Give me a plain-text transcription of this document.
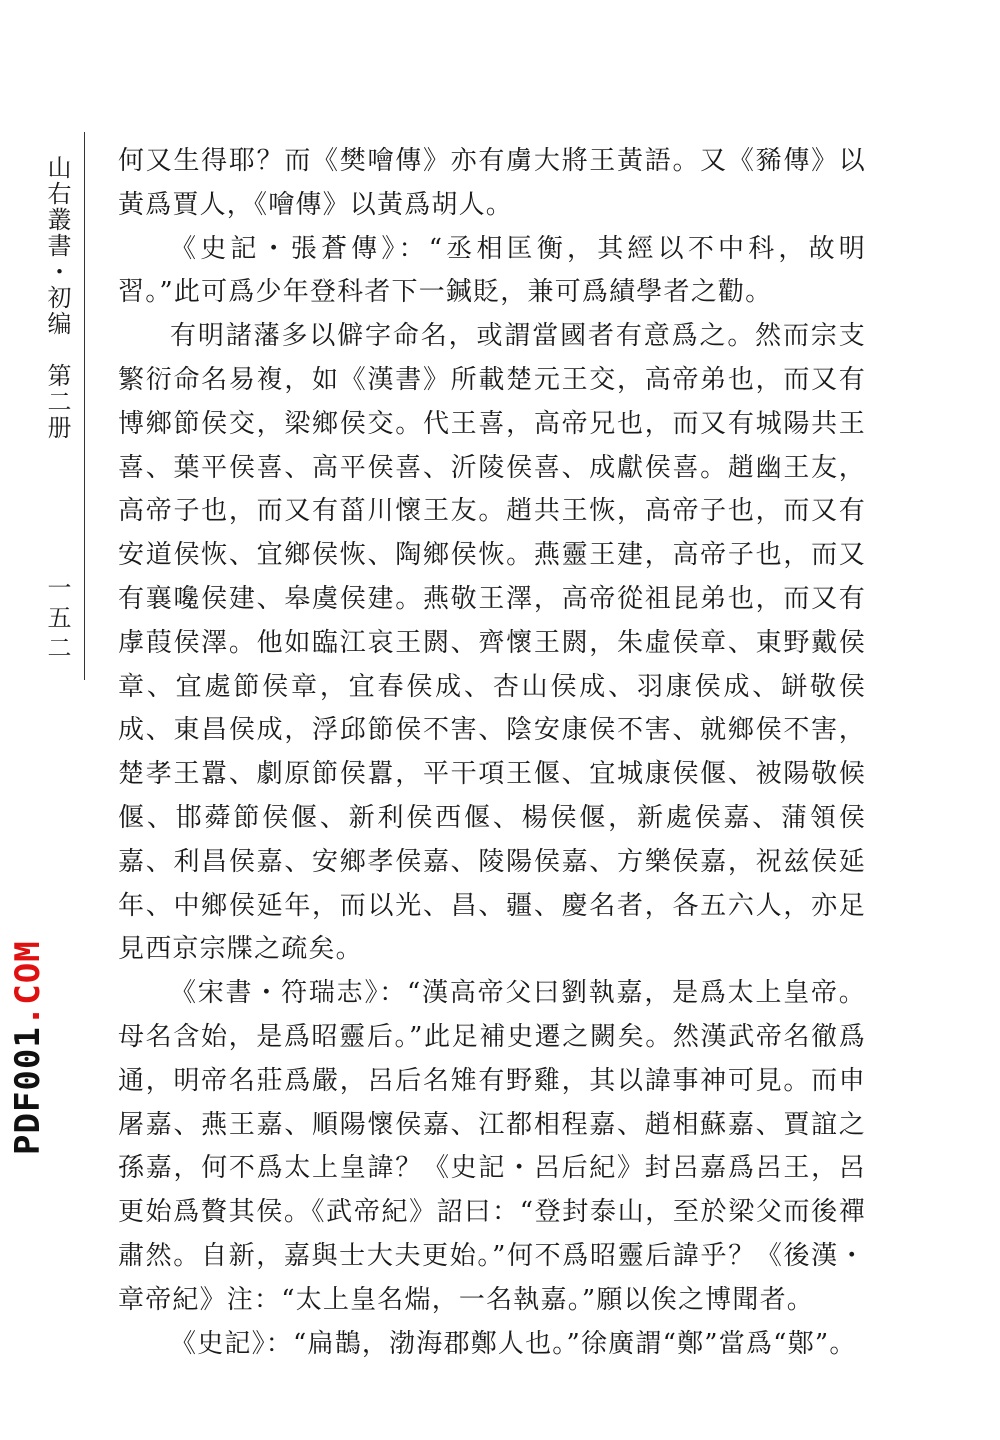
山右叢書・初编　第二册
一五二
PDF001.COM

何又生得耶？而《樊噲傳》亦有虜大將王黃語。又《豨傳》以黃爲賈人，《噲傳》以黃爲胡人。

《史記・張蒼傳》：“丞相匡衡，其經以不中科，故明習。”此可爲少年登科者下一鍼貶，兼可爲績學者之勸。

有明諸藩多以僻字命名，或謂當國者有意爲之。然而宗支繁衍命名易複，如《漢書》所載楚元王交，高帝弟也，而又有博鄉節侯交，梁鄉侯交。代王喜，高帝兄也，而又有城陽共王喜、葉平侯喜、高平侯喜、沂陵侯喜、成獻侯喜。趙幽王友，高帝子也，而又有菑川懷王友。趙共王恢，高帝子也，而又有安道侯恢、宜鄉侯恢、陶鄉侯恢。燕靈王建，高帝子也，而又有襄嚵侯建、皋虞侯建。燕敬王澤，高帝從祖昆弟也，而又有虖葭侯澤。他如臨江哀王閼、齊懷王閼，朱虛侯章、東野戴侯章、宜處節侯章，宜春侯成、杏山侯成、羽康侯成、缾敬侯成、東昌侯成，浮邱節侯不害、陰安康侯不害、就鄉侯不害，楚孝王囂、劇原節侯囂，平干項王偃、宜城康侯偃、被陽敬候偃、邯蕣節侯偃、新利侯西偃、楊侯偃，新處侯嘉、蒲領侯嘉、利昌侯嘉、安鄉孝侯嘉、陵陽侯嘉、方樂侯嘉，祝兹侯延年、中鄉侯延年，而以光、昌、疆、慶名者，各五六人，亦足見西京宗牒之疏矣。

《宋書・符瑞志》：“漢高帝父曰劉執嘉，是爲太上皇帝。母名含始，是爲昭靈后。”此足補史遷之闕矣。然漢武帝名徹爲通，明帝名莊爲嚴，呂后名雉有野雞，其以諱事神可見。而申屠嘉、燕王嘉、順陽懷侯嘉、江都相程嘉、趙相蘇嘉、賈誼之孫嘉，何不爲太上皇諱？《史記・呂后紀》封呂嘉爲呂王，呂更始爲贅其侯。《武帝紀》詔曰：“登封泰山，至於梁父而後禪肅然。自新，嘉與士大夫更始。”何不爲昭靈后諱乎？《後漢・章帝紀》注：“太上皇名煓，一名執嘉。”願以俟之博聞者。

《史記》：“扁鵲，渤海郡鄭人也。”徐廣謂“鄭”當爲“鄚”。
